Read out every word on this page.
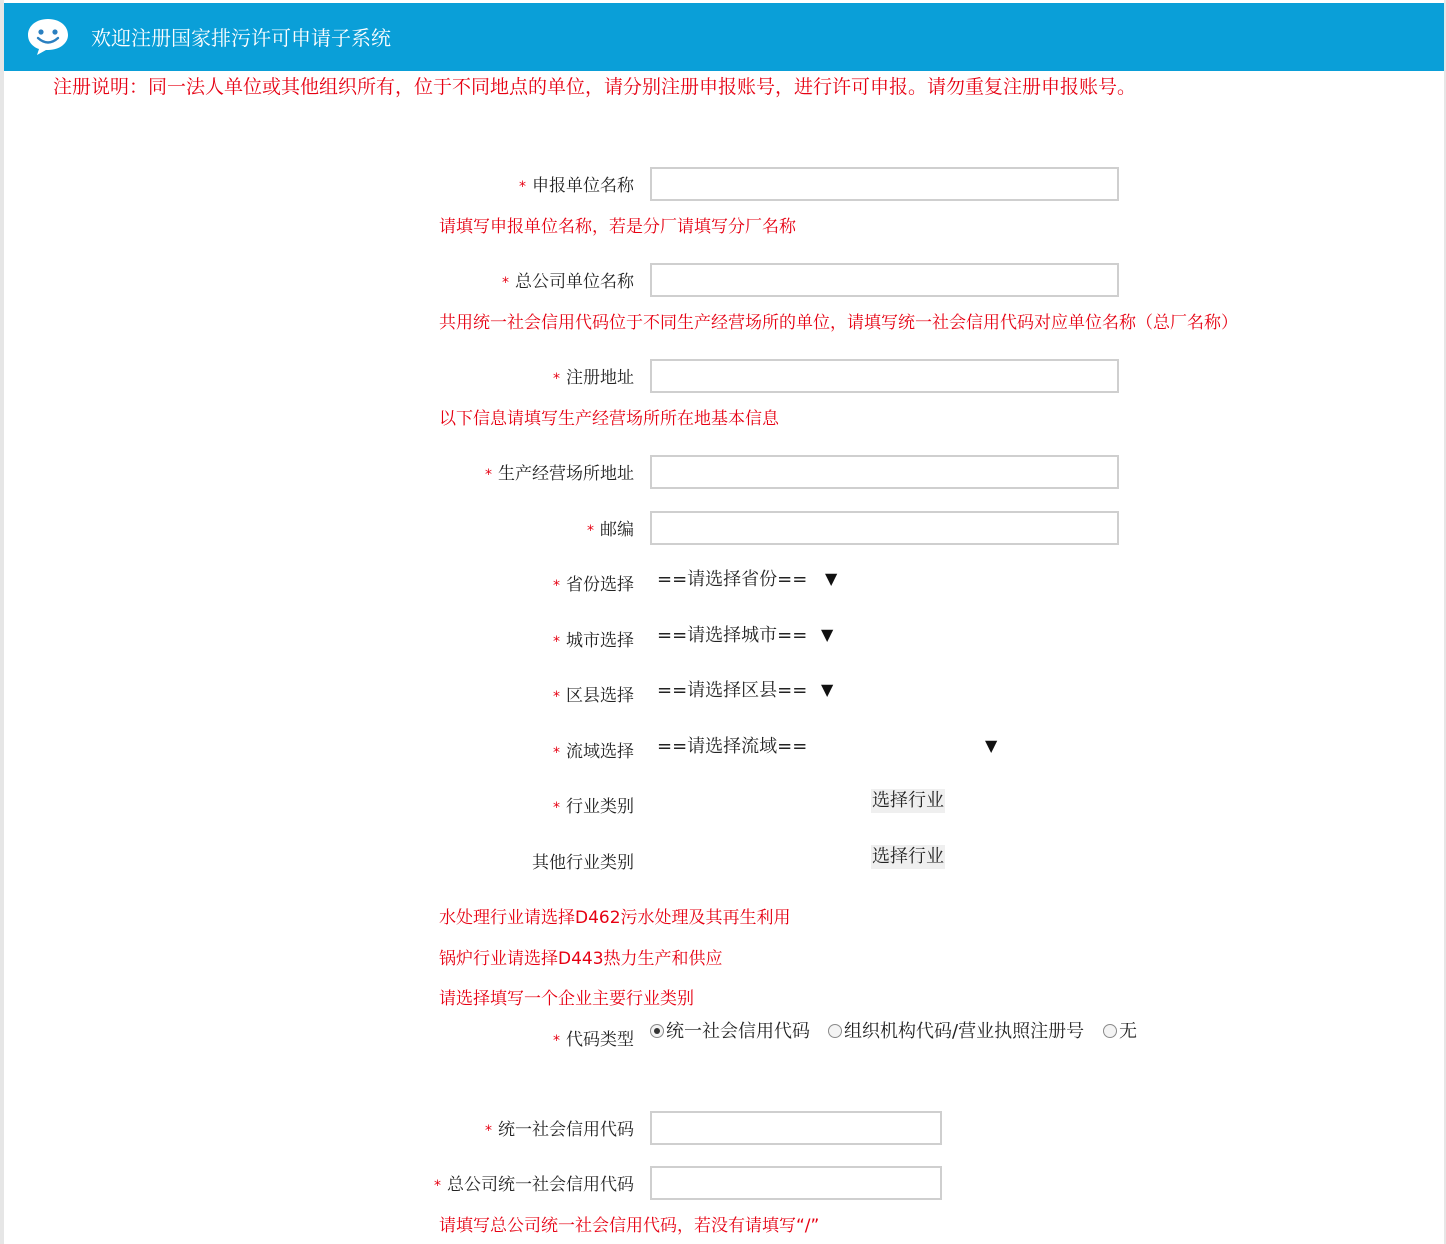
欢迎注册国家排污许可申请子系统
注册说明：同一法人单位或其他组织所有，位于不同地点的单位，请分别注册申报账号，进行许可申报。请勿重复注册申报账号。
* 申报单位名称
请填写申报单位名称，若是分厂请填写分厂名称
* 总公司单位名称
共用统一社会信用代码位于不同生产经营场所的单位，请填写统一社会信用代码对应单位名称（总厂名称）
* 注册地址
以下信息请填写生产经营场所所在地基本信息
* 生产经营场所地址
* 邮编
* 省份选择 ==请选择省份== ▼
* 城市选择 ==请选择城市== ▼
* 区县选择 ==请选择区县== ▼
* 流域选择 ==请选择流域==	▼
* 行业类别	选择行业
其他行业类别	选择行业
水处理行业请选择D462污水处理及其再生利用
锅炉行业请选择D443热力生产和供应
请选择填写一个企业主要行业类别
* 代码类型	统一社会信用代码	组织机构代码/营业执照注册号	无
* 统一社会信用代码
* 总公司统一社会信用代码
请填写总公司统一社会信用代码，若没有请填写“/”
